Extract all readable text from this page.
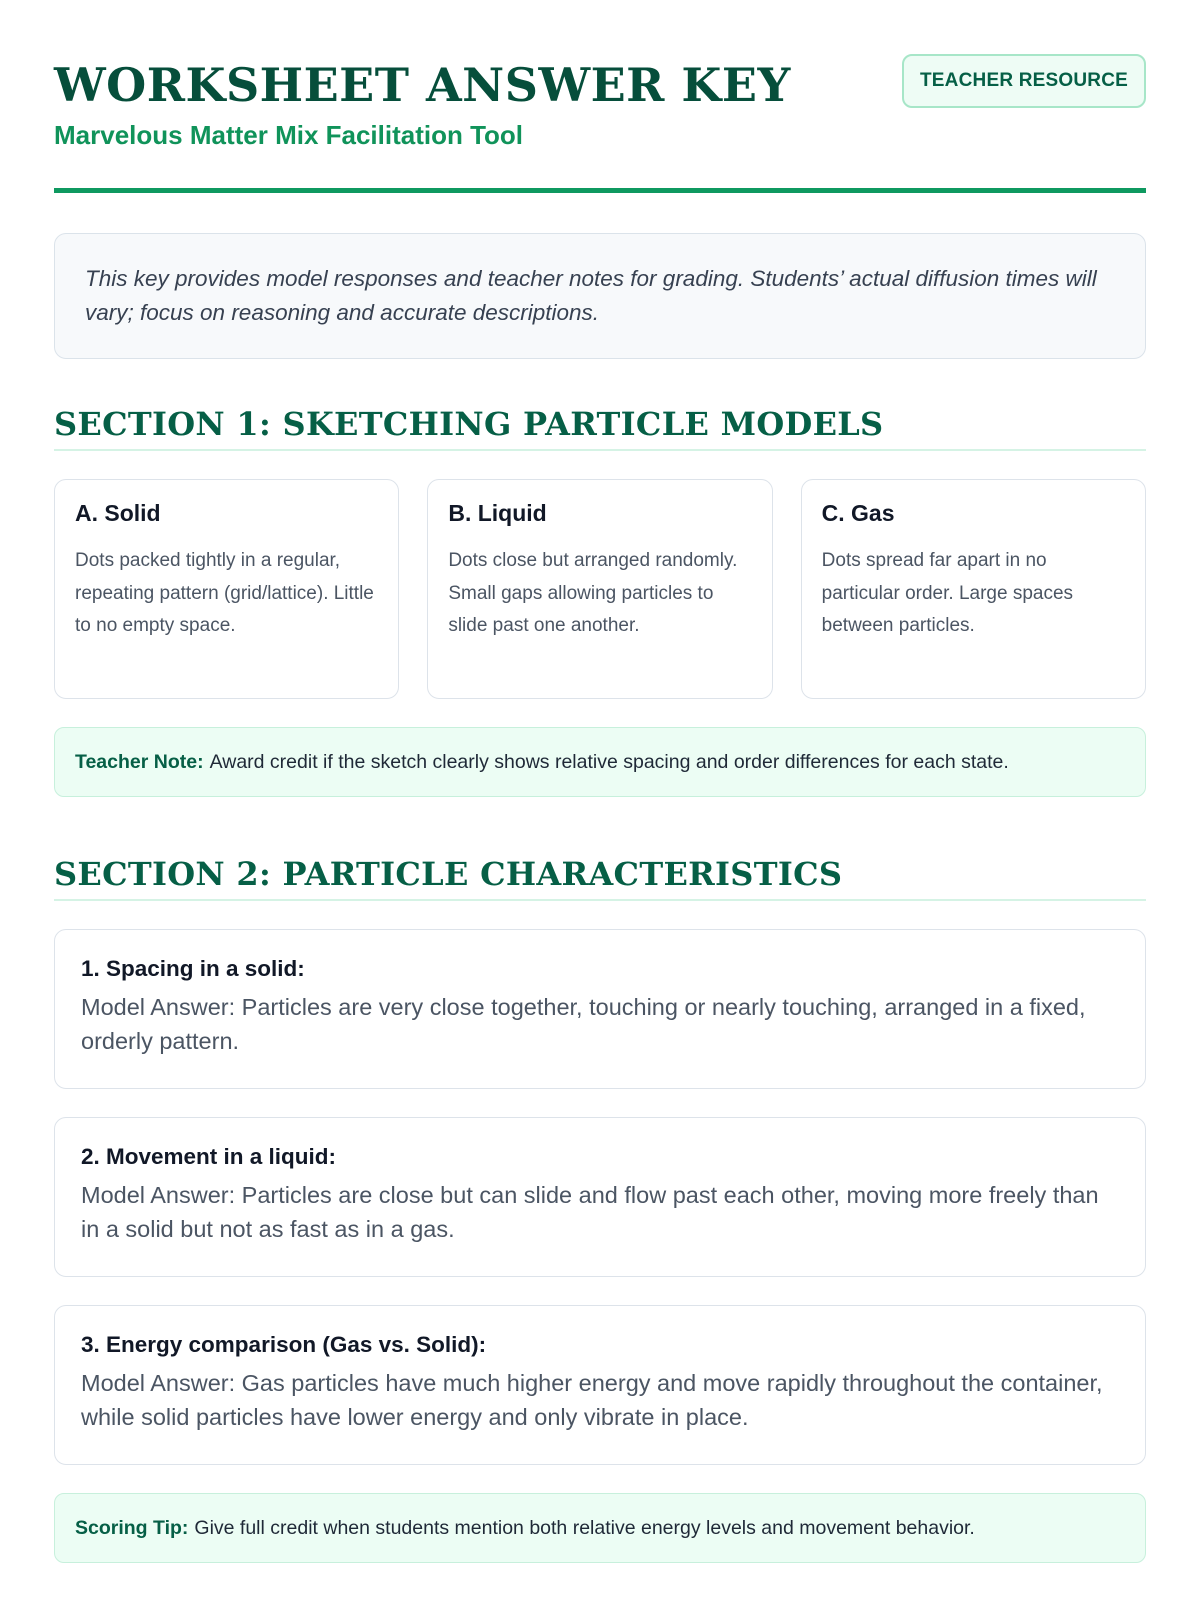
WORKSHEET ANSWER KEY
Marvelous Matter Mix Facilitation Tool
TEACHER RESOURCE
This key provides model responses and teacher notes for grading. Students’ actual diffusion times will vary; focus on reasoning and accurate descriptions.
SECTION 1: SKETCHING PARTICLE MODELS
A. Solid
Dots packed tightly in a regular, repeating pattern (grid/lattice). Little to no empty space.
B. Liquid
Dots close but arranged randomly. Small gaps allowing particles to slide past one another.
C. Gas
Dots spread far apart in no particular order. Large spaces between particles.
Teacher Note: Award credit if the sketch clearly shows relative spacing and order differences for each state.
SECTION 2: PARTICLE CHARACTERISTICS
1. Spacing in a solid:
Model Answer: Particles are very close together, touching or nearly touching, arranged in a fixed, orderly pattern.
2. Movement in a liquid:
Model Answer: Particles are close but can slide and flow past each other, moving more freely than in a solid but not as fast as in a gas.
3. Energy comparison (Gas vs. Solid):
Model Answer: Gas particles have much higher energy and move rapidly throughout the container, while solid particles have lower energy and only vibrate in place.
Scoring Tip: Give full credit when students mention both relative energy levels and movement behavior.
